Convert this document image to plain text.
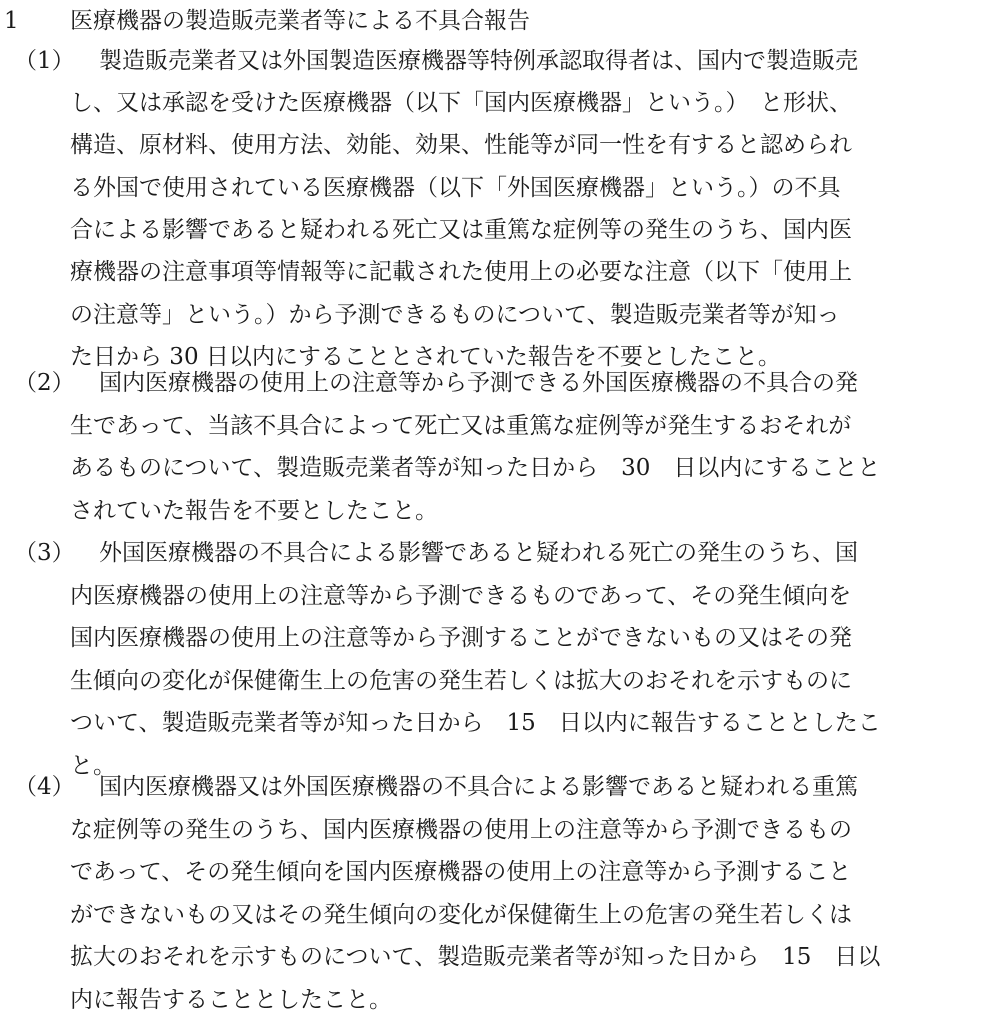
1	医療機器の製造販売業者等による不具合報告
（1） 製造販売業者又は外国製造医療機器等特例承認取得者は、国内で製造販売
し、又は承認を受けた医療機器（以下「国内医療機器」という。）　と形状、
構造、原材料、使用方法、効能、効果、性能等が同一性を有すると認められ
る外国で使用されている医療機器（以下「外国医療機器」という。）の不具
合による影響であると疑われる死亡又は重篤な症例等の発生のうち、国内医
療機器の注意事項等情報等に記載された使用上の必要な注意（以下「使用上
の注意等」という。）から予測できるものについて、製造販売業者等が知っ
た日から 30 日以内にすることとされていた報告を不要としたこと。
（2） 国内医療機器の使用上の注意等から予測できる外国医療機器の不具合の発
生であって、当該不具合によって死亡又は重篤な症例等が発生するおそれが
あるものについて、製造販売業者等が知った日から　30　日以内にすることと
されていた報告を不要としたこと。
（3） 外国医療機器の不具合による影響であると疑われる死亡の発生のうち、国
内医療機器の使用上の注意等から予測できるものであって、その発生傾向を
国内医療機器の使用上の注意等から予測することができないもの又はその発
生傾向の変化が保健衛生上の危害の発生若しくは拡大のおそれを示すものに
ついて、製造販売業者等が知った日から　15　日以内に報告することとしたこ
と。
（4） 国内医療機器又は外国医療機器の不具合による影響であると疑われる重篤
な症例等の発生のうち、国内医療機器の使用上の注意等から予測できるもの
であって、その発生傾向を国内医療機器の使用上の注意等から予測すること
ができないもの又はその発生傾向の変化が保健衛生上の危害の発生若しくは
拡大のおそれを示すものについて、製造販売業者等が知った日から　15　日以
内に報告することとしたこと。
